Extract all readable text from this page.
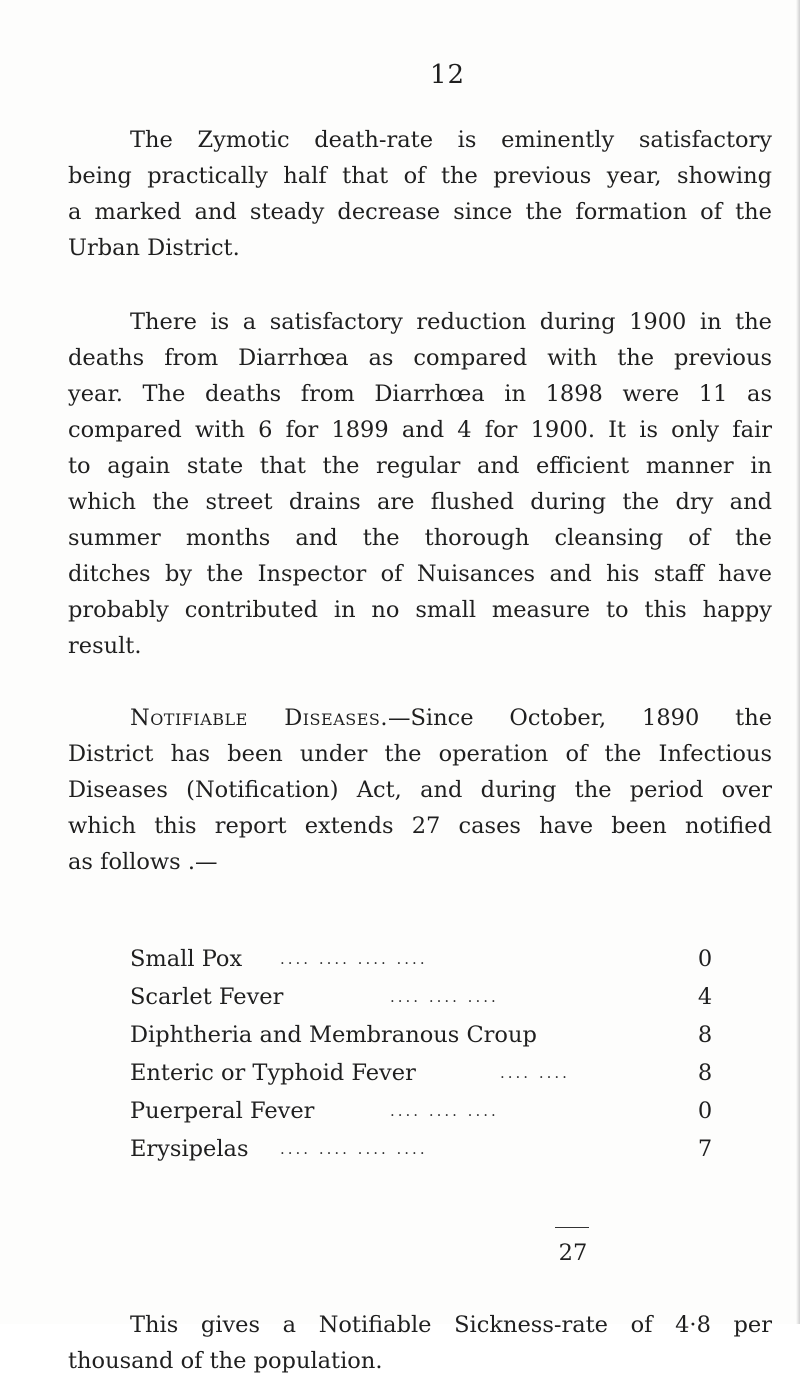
12

The Zymotic death-rate is eminently satisfactory
being practically half that of the previous year, showing
a marked and steady decrease since the formation of the
Urban District.

There is a satisfactory reduction during 1900 in the
deaths from Diarrhœa as compared with the previous
year. The deaths from Diarrhœa in 1898 were 11 as
compared with 6 for 1899 and 4 for 1900. It is only fair
to again state that the regular and efficient manner in
which the street drains are flushed during the dry and
summer months and the thorough cleansing of the
ditches by the Inspector of Nuisances and his staff have
probably contributed in no small measure to this happy
result.

Notifiable Diseases.—Since October, 1890 the
District has been under the operation of the Infectious
Diseases (Notification) Act, and during the period over
which this report extends 27 cases have been notified
as follows .—

Small Pox	.... .... .... ....	0
Scarlet Fever	.... .... ....	4
Diphtheria and Membranous Croup	8
Enteric or Typhoid Fever	.... ....	8
Puerperal Fever	.... .... ....	0
Erysipelas .... .... .... ....	7
27

This gives a Notifiable Sickness-rate of 4·8 per
thousand of the population.
